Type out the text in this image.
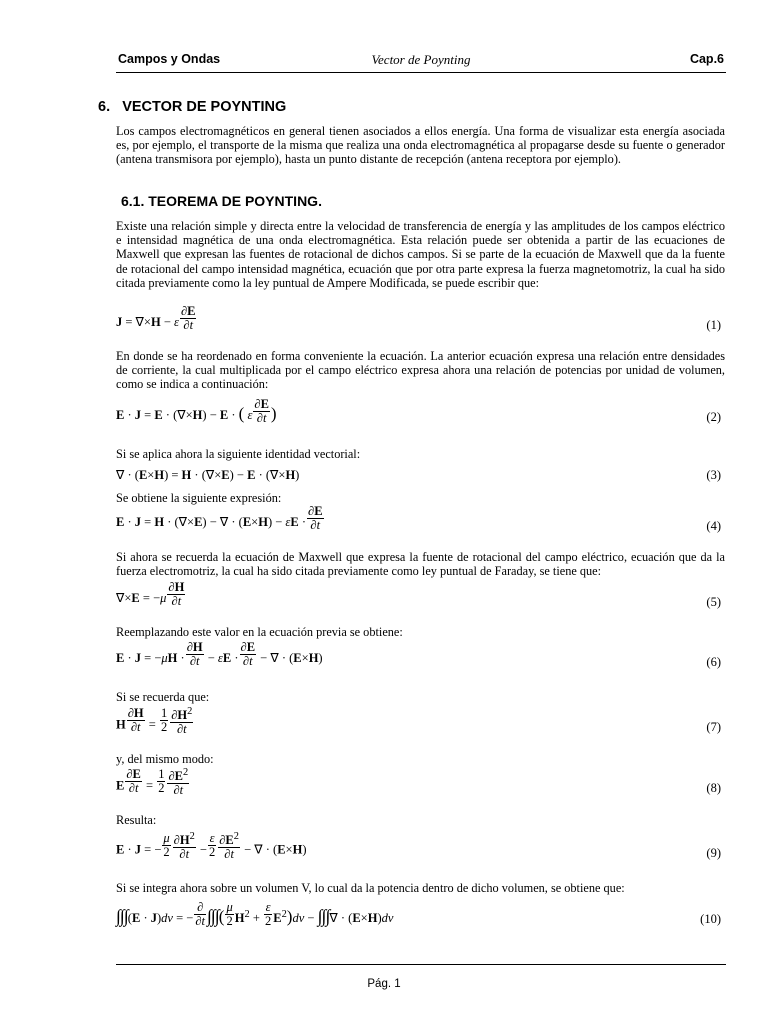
Campos y Ondas	Vector de Poynting	Cap.6
6. VECTOR DE POYNTING
Los campos electromagnéticos en general tienen asociados a ellos energía. Una forma de visualizar esta energía asociada es, por ejemplo, el transporte de la misma que realiza una onda electromagnética al propagarse desde su fuente o generador (antena transmisora por ejemplo), hasta un punto distante de recepción (antena receptora por ejemplo).
6.1. TEOREMA DE POYNTING.
Existe una relación simple y directa entre la velocidad de transferencia de energía y las amplitudes de los campos eléctrico e intensidad magnética de una onda electromagnética. Esta relación puede ser obtenida a partir de las ecuaciones de Maxwell que expresan las fuentes de rotacional de dichos campos. Si se parte de la ecuación de Maxwell que da la fuente de rotacional del campo intensidad magnética, ecuación que por otra parte expresa la fuerza magnetomotriz, la cual ha sido citada previamente como la ley puntual de Ampere Modificada, se puede escribir que:
J = ∇×H − ε $\frac{\partial E}{\partial t}$	(1)
En donde se ha reordenado en forma conveniente la ecuación. La anterior ecuación expresa una relación entre densidades de corriente, la cual multiplicada por el campo eléctrico expresa ahora una relación de potencias por unidad de volumen, como se indica a continuación:
E · J = E · (∇×H) − E · ( ε $\frac{\partial E}{\partial t}$ )	(2)
Si se aplica ahora la siguiente identidad vectorial:
∇ · (E×H) = H · (∇×E) − E · (∇×H)	(3)
Se obtiene la siguiente expresión:
E · J = H · (∇×E) − ∇ · $(E\times H) - \varepsilon E \cdot \frac{\partial E}{\partial t}$	(4)
Si ahora se recuerda la ecuación de Maxwell que expresa la fuente de rotacional del campo eléctrico, ecuación que da la fuerza electromotriz, la cual ha sido citada previamente como ley puntual de Faraday, se tiene que:
$\nabla\times E = -\mu \frac{\partial H}{\partial t}$	(5)
Reemplazando este valor en la ecuación previa se obtiene:
$E \cdot J = -\mu H \cdot \frac{\partial H}{\partial t} - \varepsilon E \cdot \frac{\partial E}{\partial t}$ − ∇ · (E×H)	(6)
Si se recuerda que:
H $\frac{\partial H}{\partial t} = \frac{1}{2} \frac{\partial H^2}{\partial t}$	(7)
y, del mismo modo:
E $\frac{\partial E}{\partial t} = \frac{1}{2} \frac{\partial E^2}{\partial t}$	(8)
Resulta:
E · J = − $\frac{\mu}{2} \frac{\partial H^2}{\partial t} - \frac{\varepsilon}{2} \frac{\partial E^2}{\partial t}$ − ∇ · (E×H)	(9)
Si se integra ahora sobre un volumen V, lo cual da la potencia dentro de dicho volumen, se obtiene que:
∫∫∫(E · J)dv = − $\frac{\partial}{\partial t}$ ∫∫∫( $\frac{\mu}{2} H^2 + \frac{\varepsilon}{2} E^2)dv$ − ∫∫∫∇ · (E×H)dv	(10)
Pág. 1
